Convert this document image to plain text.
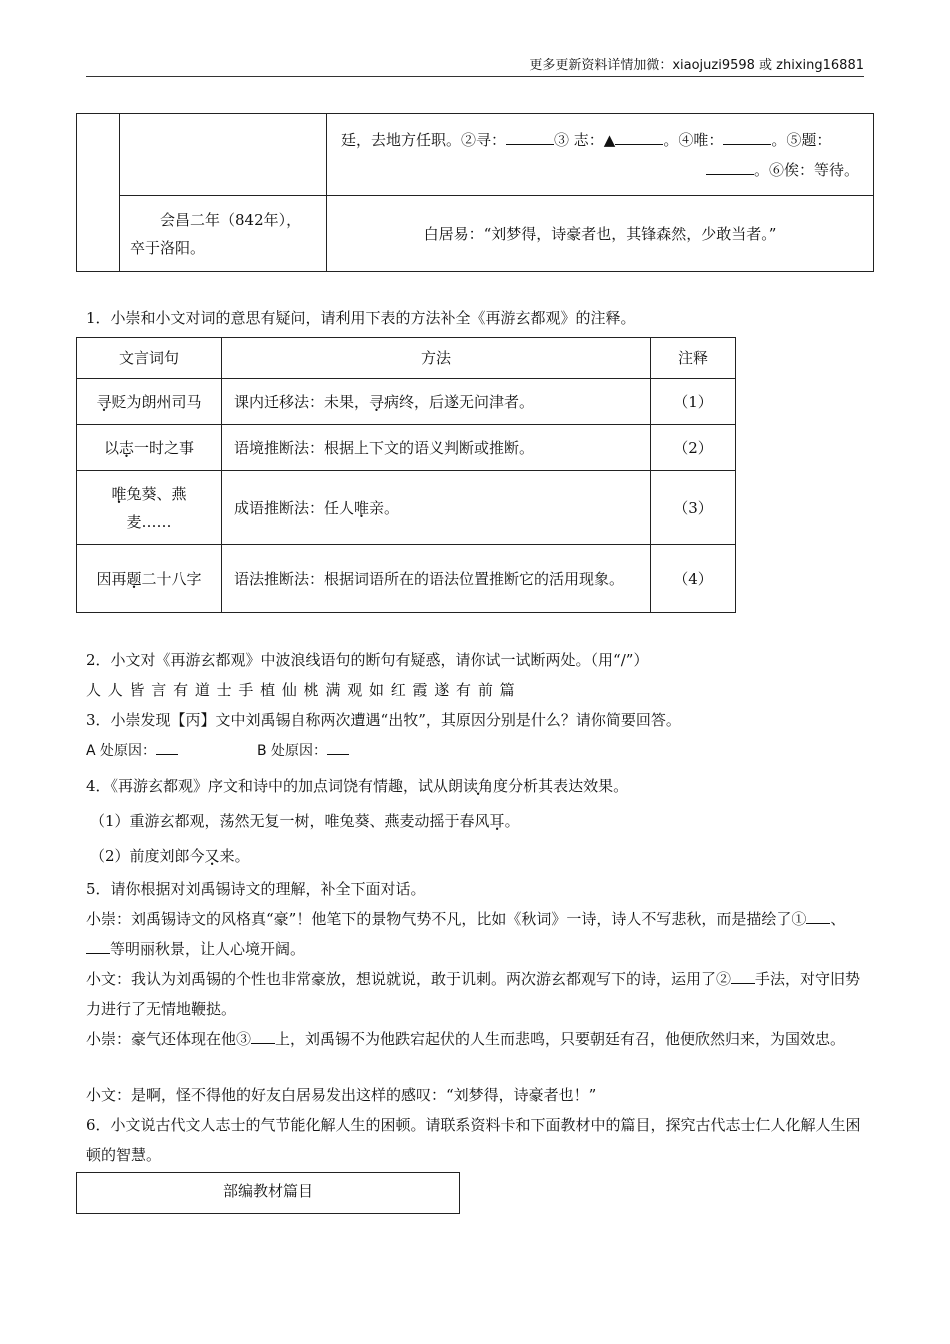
更多更新资料详情加微：xiaojuzi9598 或 zhixing16881
		廷，去地方任职。②寻： ③ 志：▲ 。④唯： 。⑤题：

。⑥俟：等待。

	会昌二年（842年），卒于洛阳。	白居易：“刘梦得，诗豪者也，其锋森然，少敢当者。”
1．小崇和小文对词的意思有疑问，请利用下表的方法补全《再游玄都观》的注释。
文言词句	方法	注释
寻贬为朗州司马	课内迁移法：未果，寻病终，后遂无问津者。	（1）
以志一时之事	语境推断法：根据上下文的语义判断或推断。	（2）
唯兔葵、燕麦……	成语推断法：任人唯亲。	（3）
因再题二十八字	语法推断法：根据词语所在的语法位置推断它的活用现象。	（4）
2．小文对《再游玄都观》中波浪线语句的断句有疑惑，请你试一试断两处。（用“/”）
人 人 皆 言 有 道 士 手 植 仙 桃 满 观 如 红 霞 遂 有 前 篇
3．小崇发现【丙】文中刘禹锡自称两次遭遇“出牧”，其原因分别是什么？请你简要回答。
A 处原因：	B 处原因：
4．《再游玄都观》序文和诗中的加点词饶有情趣，试从朗读角度分析其表达效果。
（1）重游玄都观，荡然无复一树，唯兔葵、燕麦动摇于春风耳。
（2）前度刘郎今又来。
5．请你根据对刘禹锡诗文的理解，补全下面对话。
小崇：刘禹锡诗文的风格真“豪”！他笔下的景物气势不凡，比如《秋词》一诗，诗人不写悲秋，而是描绘了① 、等明丽秋景，让人心境开阔。
小文：我认为刘禹锡的个性也非常豪放，想说就说，敢于讥刺。两次游玄都观写下的诗，运用了② 手法，对守旧势力进行了无情地鞭挞。
小崇：豪气还体现在他③ 上，刘禹锡不为他跌宕起伏的人生而悲鸣，只要朝廷有召，他便欣然归来，为国效忠。
小文：是啊，怪不得他的好友白居易发出这样的感叹：“刘梦得，诗豪者也！”
6．小文说古代文人志士的气节能化解人生的困顿。请联系资料卡和下面教材中的篇目，探究古代志士仁人化解人生困顿的智慧。
部编教材篇目
